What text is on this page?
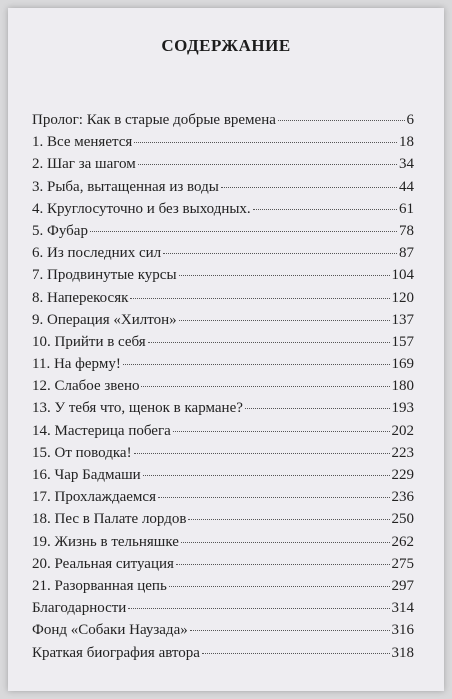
СОДЕРЖАНИЕ
Пролог: Как в старые добрые времена	6
1. Все меняется	18
2. Шаг за шагом	34
3. Рыба, вытащенная из воды	44
4. Круглосуточно и без выходных.	61
5. Фубар	78
6. Из последних сил	87
7. Продвинутые курсы	104
8. Наперекосяк	120
9. Операция «Хилтон»	137
10. Прийти в себя	157
11. На ферму!	169
12. Слабое звено	180
13. У тебя что, щенок в кармане?	193
14. Мастерица побега	202
15. От поводка!	223
16. Чар Бадмаши	229
17. Прохлаждаемся	236
18. Пес в Палате лордов	250
19. Жизнь в тельняшке	262
20. Реальная ситуация	275
21. Разорванная цепь	297
Благодарности	314
Фонд «Собаки Наузада»	316
Краткая биография автора	318
